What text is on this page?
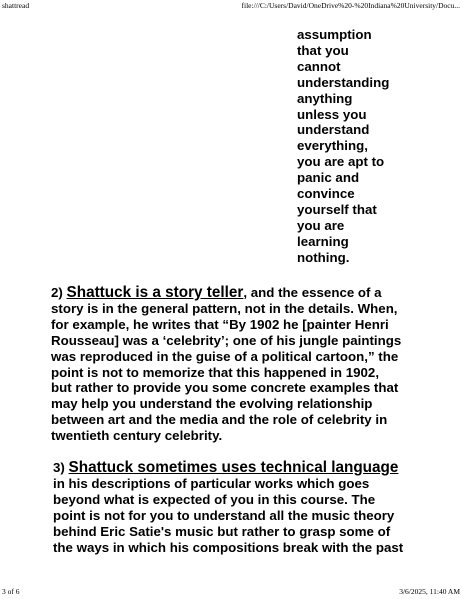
shattread	file:///C:/Users/David/OneDrive%20-%20Indiana%20University/Docu...
assumption
that you
cannot
understanding
anything
unless you
understand
everything,
you are apt to
panic and
convince
yourself that
you are
learning
nothing.
2) Shattuck is a story teller, and the essence of a
story is in the general pattern, not in the details. When,
for example, he writes that “By 1902 he [painter Henri
Rousseau] was a ‘celebrity’; one of his jungle paintings
was reproduced in the guise of a political cartoon,” the
point is not to memorize that this happened in 1902,
but rather to provide you some concrete examples that
may help you understand the evolving relationship
between art and the media and the role of celebrity in
twentieth century celebrity.
3) Shattuck sometimes uses technical language
in his descriptions of particular works which goes
beyond what is expected of you in this course. The
point is not for you to understand all the music theory
behind Eric Satie's music but rather to grasp some of
the ways in which his compositions break with the past
3 of 6	3/6/2025, 11:40 AM
